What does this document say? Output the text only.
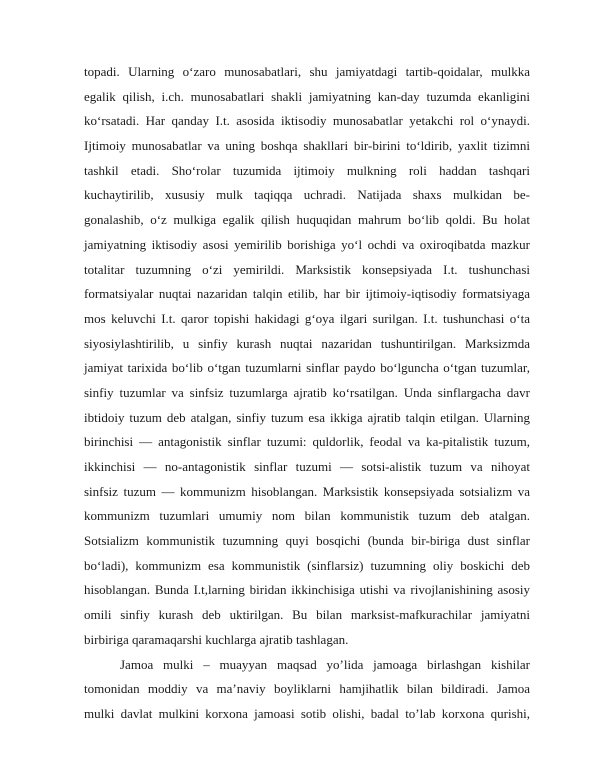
topadi. Ularning o‘zaro munosabatlari, shu jamiyatdagi tartib-qoidalar, mulkka
egalik qilish, i.ch. munosabatlari shakli jamiyatning kan-day tuzumda ekanligini
ko‘rsatadi. Har qanday I.t. asosida iktisodiy munosabatlar yetakchi rol o‘ynaydi.
Ijtimoiy munosabatlar va uning boshqa shakllari bir-birini to‘ldirib, yaxlit tizimni
tashkil etadi. Sho‘rolar tuzumida ijtimoiy mulkning roli haddan tashqari
kuchaytirilib, xususiy mulk taqiqqa uchradi. Natijada shaxs mulkidan be-
gonalashib, o‘z mulkiga egalik qilish huquqidan mahrum bo‘lib qoldi. Bu holat
jamiyatning iktisodiy asosi yemirilib borishiga yo‘l ochdi va oxiroqibatda mazkur
totalitar tuzumning o‘zi yemirildi. Marksistik konsepsiyada I.t. tushunchasi
formatsiyalar nuqtai nazaridan talqin etilib, har bir ijtimoiy-iqtisodiy formatsiyaga
mos keluvchi I.t. qaror topishi hakidagi g‘oya ilgari surilgan. I.t. tushunchasi o‘ta
siyosiylashtirilib, u sinfiy kurash nuqtai nazaridan tushuntirilgan. Marksizmda
jamiyat tarixida bo‘lib o‘tgan tuzumlarni sinflar paydo bo‘lguncha o‘tgan tuzumlar,
sinfiy tuzumlar va sinfsiz tuzumlarga ajratib ko‘rsatilgan. Unda sinflargacha davr
ibtidoiy tuzum deb atalgan, sinfiy tuzum esa ikkiga ajratib talqin etilgan. Ularning
birinchisi — antagonistik sinflar tuzumi: quldorlik, feodal va ka-pitalistik tuzum,
ikkinchisi — no-antagonistik sinflar tuzumi — sotsi-alistik tuzum va nihoyat
sinfsiz tuzum — kommunizm hisoblangan. Marksistik konsepsiyada sotsializm va
kommunizm tuzumlari umumiy nom bilan kommunistik tuzum deb atalgan.
Sotsializm kommunistik tuzumning quyi bosqichi (bunda bir-biriga dust sinflar
bo‘ladi), kommunizm esa kommunistik (sinflarsiz) tuzumning oliy boskichi deb
hisoblangan. Bunda I.t,larning biridan ikkinchisiga utishi va rivojlanishining asosiy
omili sinfiy kurash deb uktirilgan. Bu bilan marksist-mafkurachilar jamiyatni
birbiriga qaramaqarshi kuchlarga ajratib tashlagan.
Jamoa mulki – muayyan maqsad yo’lida jamoaga birlashgan kishilar
tomonidan moddiy va ma’naviy boyliklarni hamjihatlik bilan bildiradi. Jamoa
mulki davlat mulkini korxona jamoasi sotib olishi, badal to’lab korxona qurishi,
